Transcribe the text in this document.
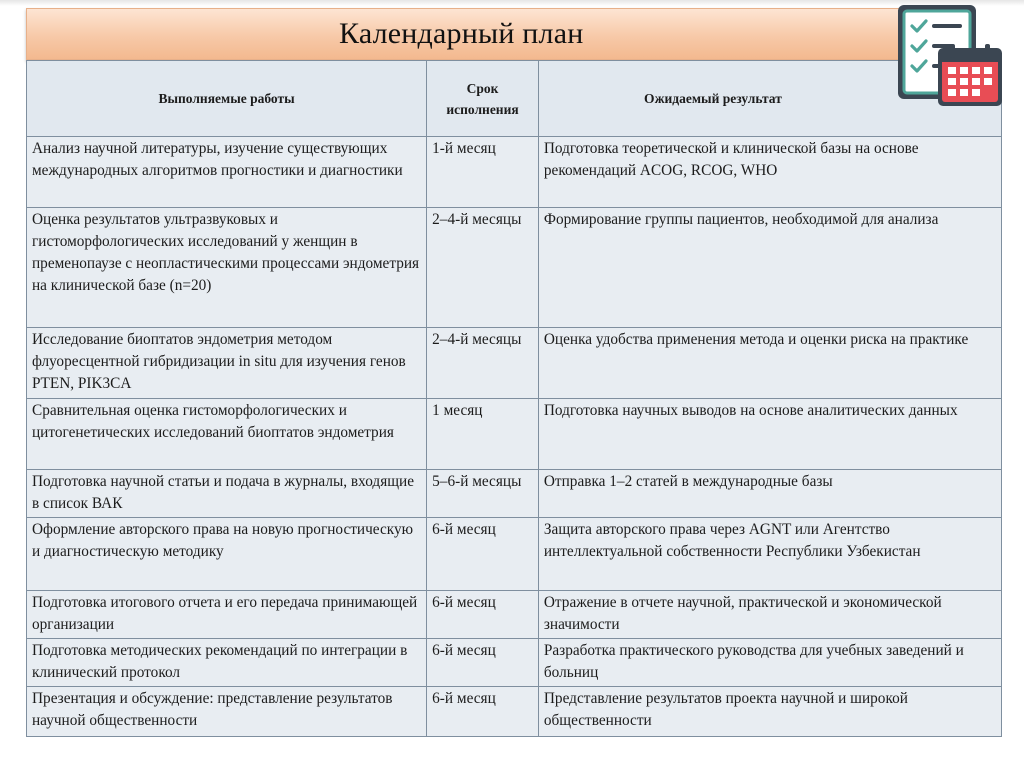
Календарный план
Выполняемые работы	Срок исполнения	Ожидаемый результат
Анализ научной литературы, изучение существующих международных алгоритмов прогностики и диагностики	1-й месяц	Подготовка теоретической и клинической базы на основе рекомендаций ACOG, RCOG, WHO
Оценка результатов ультразвуковых и гистоморфологических исследований у женщин в пременопаузе с неопластическими процессами эндометрия на клинической базе (n=20)	2–4-й месяцы	Формирование группы пациентов, необходимой для анализа
Исследование биоптатов эндометрия методом флуоресцентной гибридизации in situ для изучения генов PTEN, PIK3CA	2–4-й месяцы	Оценка удобства применения метода и оценки риска на практике
Сравнительная оценка гистоморфологических и цитогенетических исследований биоптатов эндометрия	1 месяц	Подготовка научных выводов на основе аналитических данных
Подготовка научной статьи и подача в журналы, входящие в список ВАК	5–6-й месяцы	Отправка 1–2 статей в международные базы
Оформление авторского права на новую прогностическую и диагностическую методику	6-й месяц	Защита авторского права через AGNT или Агентство интеллектуальной собственности Республики Узбекистан
Подготовка итогового отчета и его передача принимающей организации	6-й месяц	Отражение в отчете научной, практической и экономической значимости
Подготовка методических рекомендаций по интеграции в клинический протокол	6-й месяц	Разработка практического руководства для учебных заведений и больниц
Презентация и обсуждение: представление результатов научной общественности	6-й месяц	Представление результатов проекта научной и широкой общественности
